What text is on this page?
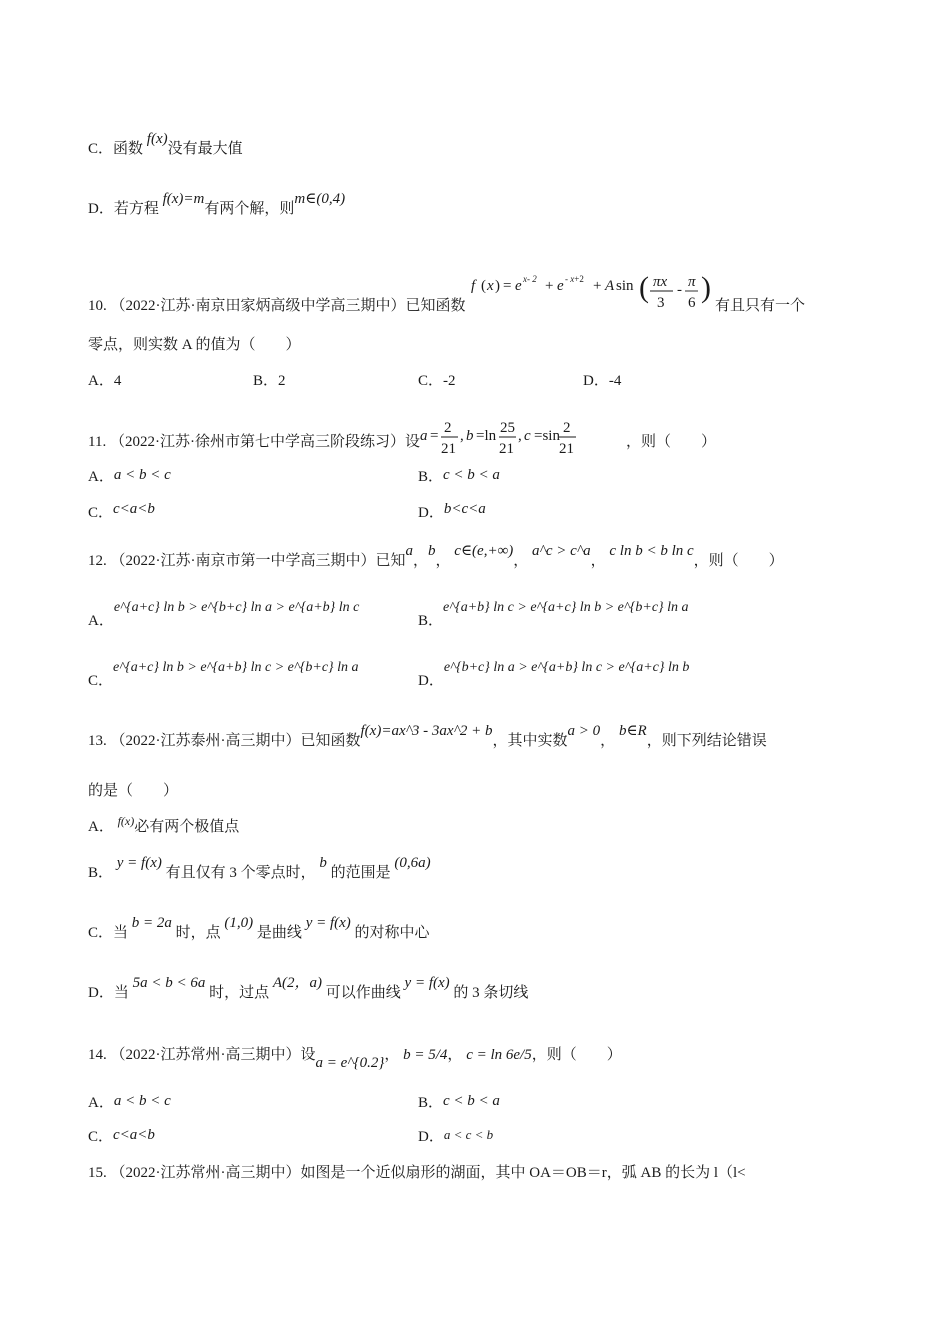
C．函数 f(x)没有最大值
D．若方程 f(x)=m有两个解，则m∈(0,4)
10. （2022·江苏·南京田家炳高级中学高三期中）已知函数
f ( x ) = e x- 2 + e - x+2 + A sin ( πx
3
- π
6 )
有且只有一个
零点，则实数 A 的值为（　　）
A．4	B．2	C．-2	D．-4
11. （2022·江苏·徐州市第七中学高三阶段练习）设 a = 2
21
, b =ln 25
21
, c =sin 2
21	，则（　　）
A．a < b < c	B．c < b < a
C．c<a<b	D．b<c<a
12. （2022·江苏·南京市第一中学高三期中）已知a，b， c∈(e,+∞)， a^c > c^a， c ln b < b ln c，则（　　）
A．e^{a+c} ln b > e^{b+c} ln a > e^{a+b} ln c
B．e^{a+b} ln c > e^{a+c} ln b > e^{b+c} ln a
C．e^{a+c} ln b > e^{a+b} ln c > e^{b+c} ln a
D．e^{b+c} ln a > e^{a+b} ln c > e^{a+c} ln b
13. （2022·江苏泰州·高三期中）已知函数f(x)=ax^3 - 3ax^2 + b，其中实数a > 0， b∈R，则下列结论错误
的是（　　）
A． $^{f(x)}$必有两个极值点
B． y = f(x) 有且仅有 3 个零点时， b 的范围是 (0,6a)
C．当 b = 2a 时，点 (1,0) 是曲线 y = f(x) 的对称中心
D．当 5a < b < 6a 时，过点 A(2，a) 可以作曲线 y = f(x) 的 3 条切线
14. （2022·江苏常州·高三期中）设a = e^{0.2}， b = 5/4， c = ln 6e/5，则（　　）
A．a < b < c	B．c < b < a
C．c<a<b	D．a < c < b
15. （2022·江苏常州·高三期中）如图是一个近似扇形的湖面，其中 OA＝OB＝r，弧 AB 的长为 l（l<
